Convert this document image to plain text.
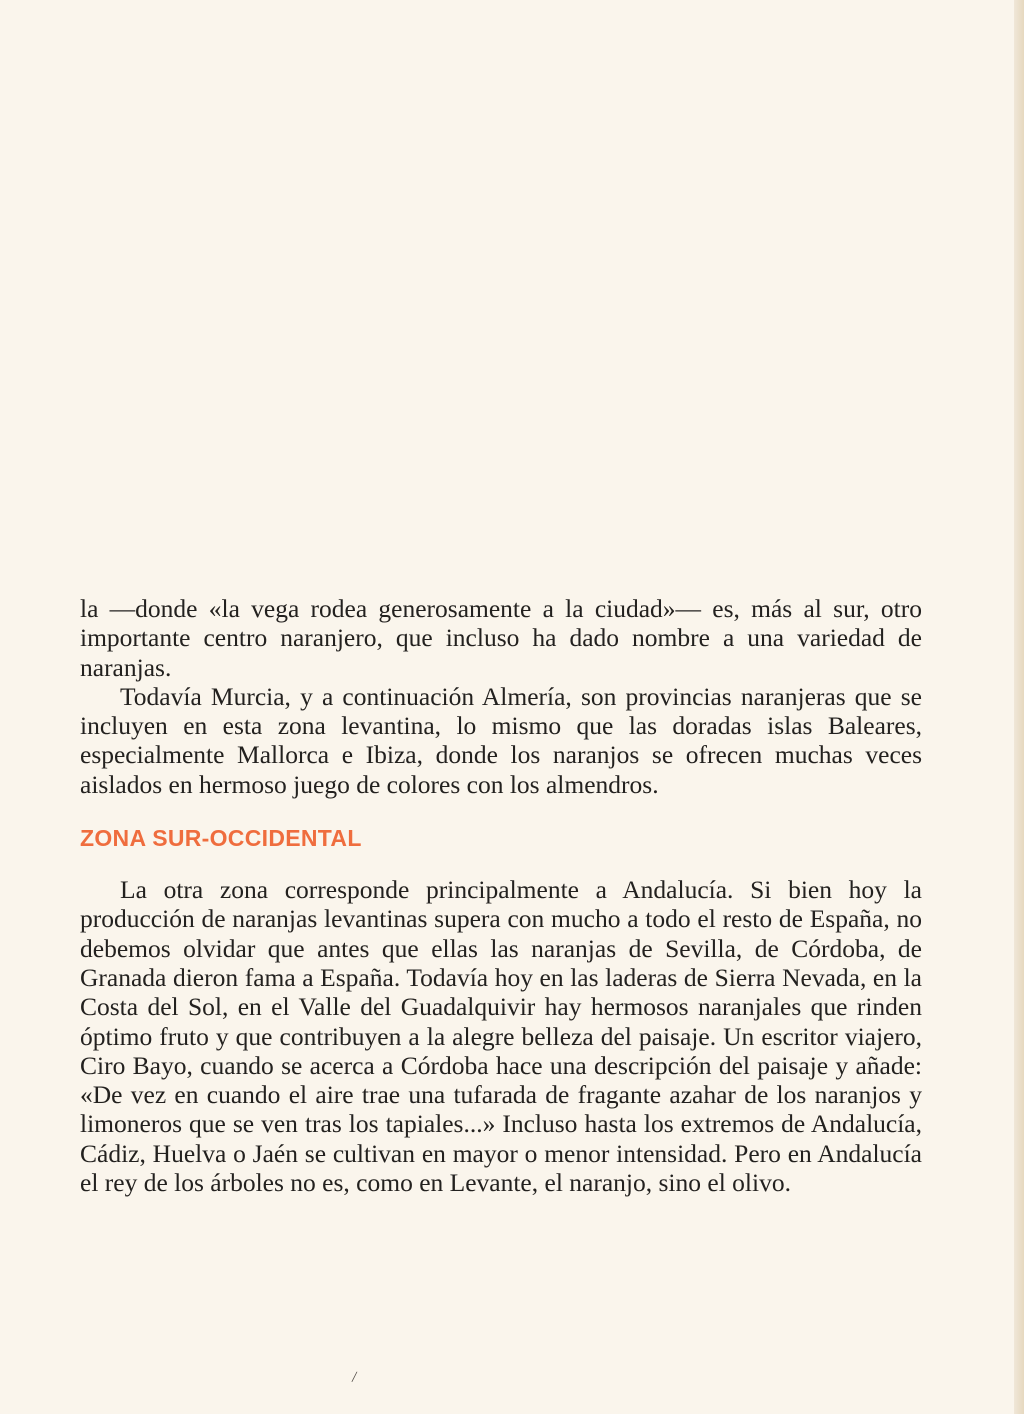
la —donde «la vega rodea generosamente a la ciudad»— es, más al sur, otro importante centro naranjero, que incluso ha dado nombre a una variedad de naranjas.

Todavía Murcia, y a continuación Almería, son provincias naranjeras que se incluyen en esta zona levantina, lo mismo que las doradas islas Baleares, especialmente Mallorca e Ibiza, donde los naranjos se ofrecen muchas veces aislados en hermoso juego de colores con los almendros.

ZONA SUR-OCCIDENTAL

La otra zona corresponde principalmente a Andalucía. Si bien hoy la producción de naranjas levantinas supera con mucho a todo el resto de España, no debemos olvidar que antes que ellas las naranjas de Sevilla, de Córdoba, de Granada dieron fama a España. Todavía hoy en las laderas de Sierra Nevada, en la Costa del Sol, en el Valle del Guadalquivir hay hermosos naranjales que rinden óptimo fruto y que contribuyen a la alegre belleza del paisaje. Un escritor viajero, Ciro Bayo, cuando se acerca a Córdoba hace una descripción del paisaje y añade: «De vez en cuando el aire trae una tufarada de fragante azahar de los naranjos y limoneros que se ven tras los tapiales...» Incluso hasta los extremos de Andalucía, Cádiz, Huelva o Jaén se cultivan en mayor o menor intensidad. Pero en Andalucía el rey de los árboles no es, como en Levante, el naranjo, sino el olivo.

/
